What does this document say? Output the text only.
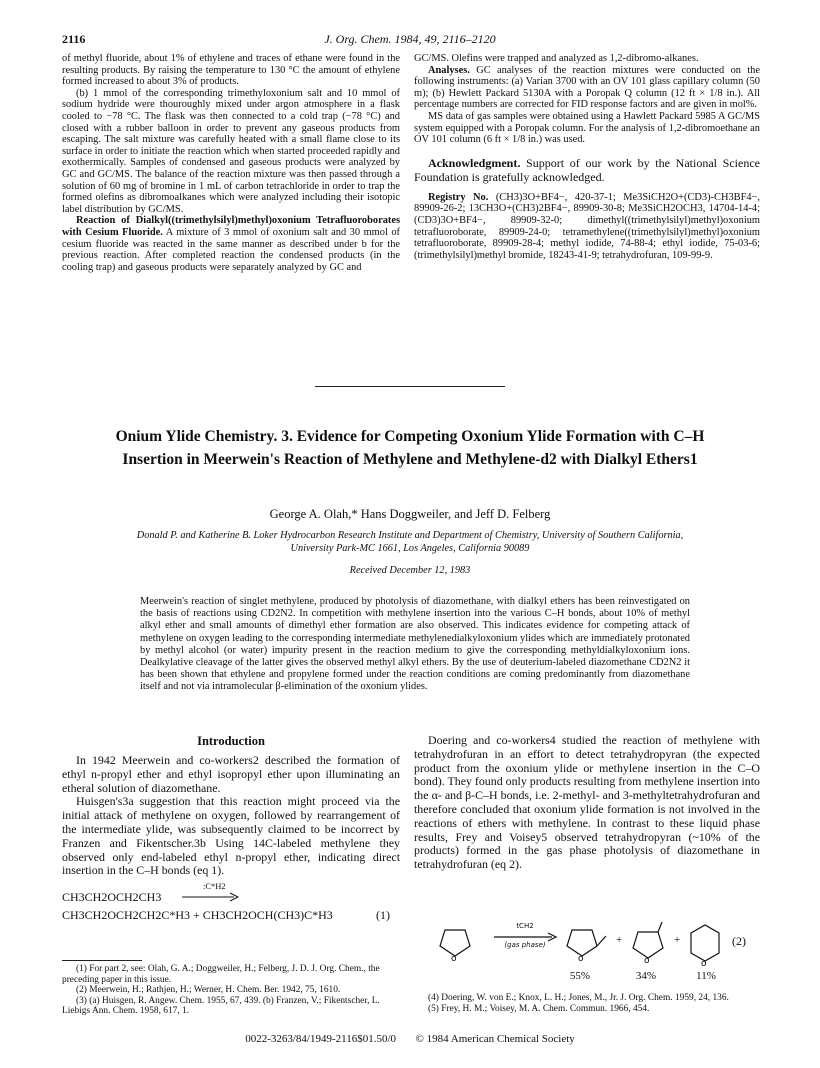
2116	J. Org. Chem. 1984, 49, 2116–2120

of methyl fluoride, about 1% of ethylene and traces of ethane were found in the resulting products. By raising the temperature to 130 °C the amount of ethylene formed increased to about 3% of products.

(b) 1 mmol of the corresponding trimethyloxonium salt and 10 mmol of sodium hydride were thouroughly mixed under argon atmosphere in a flask cooled to −78 °C. The flask was then connected to a cold trap (−78 °C) and closed with a rubber balloon in order to prevent any gaseous products from escaping. The salt mixture was carefully heated with a small flame close to its surface in order to initiate the reaction which when started proceeded rapidly and exothermically. Samples of condensed and gaseous products were analyzed by GC and GC/MS. The balance of the reaction mixture was then passed through a solution of 60 mg of bromine in 1 mL of carbon tetrachloride in order to trap the formed olefins as dibromoalkanes which were analyzed including their isotopic label distribution by GC/MS.

Reaction of Dialkyl((trimethylsilyl)methyl)oxonium Tetrafluoroborates with Cesium Fluoride. A mixture of 3 mmol of oxonium salt and 30 mmol of cesium fluoride was reacted in the same manner as described under b for the previous reaction. After completed reaction the condensed products (in the cooling trap) and gaseous products were separately analyzed by GC and

GC/MS. Olefins were trapped and analyzed as 1,2-dibromo-alkanes.

Analyses. GC analyses of the reaction mixtures were conducted on the following instruments: (a) Varian 3700 with an OV 101 glass capillary column (50 m); (b) Hewlett Packard 5130A with a Poropak Q column (12 ft × 1/8 in.). All percentage numbers are corrected for FID response factors and are given in mol%.

MS data of gas samples were obtained using a Hawlett Packard 5985 A GC/MS system equipped with a Poropak column. For the analysis of 1,2-dibromoethane an OV 101 column (6 ft × 1/8 in.) was used.

Acknowledgment. Support of our work by the National Science Foundation is gratefully acknowledged.

Registry No. (CH3)3O+BF4−, 420-37-1; Me3SiCH2O+(CD3)-CH3BF4−, 89909-26-2; 13CH3O+(CH3)2BF4−, 89909-30-8; Me3SiCH2OCH3, 14704-14-4; (CD3)3O+BF4−, 89909-32-0; dimethyl((trimethylsilyl)methyl)oxonium tetrafluoroborate, 89909-24-0; tetramethylene((trimethylsilyl)methyl)oxonium tetrafluoroborate, 89909-28-4; methyl iodide, 74-88-4; ethyl iodide, 75-03-6; (trimethylsilyl)methyl bromide, 18243-41-9; tetrahydrofuran, 109-99-9.

Onium Ylide Chemistry. 3. Evidence for Competing Oxonium Ylide Formation with C–H Insertion in Meerwein's Reaction of Methylene and Methylene-d2 with Dialkyl Ethers1
George A. Olah,* Hans Doggweiler, and Jeff D. Felberg
Donald P. and Katherine B. Loker Hydrocarbon Research Institute and Department of Chemistry, University of Southern California, University Park-MC 1661, Los Angeles, California 90089
Received December 12, 1983
Meerwein's reaction of singlet methylene, produced by photolysis of diazomethane, with dialkyl ethers has been reinvestigated on the basis of reactions using CD2N2. In competition with methylene insertion into the various C–H bonds, about 10% of methyl alkyl ether and small amounts of dimethyl ether formation are also observed. This indicates evidence for competing attack of methylene on oxygen leading to the corresponding intermediate methylenedialkyloxonium ylides which are immediately protonated by methyl alcohol (or water) impurity present in the reaction medium to give the corresponding methyldialkyloxonium ions. Dealkylative cleavage of the latter gives the observed methyl alkyl ethers. By the use of deuterium-labeled diazomethane CD2N2 it has been shown that ethylene and propylene formed under the reaction conditions are coming predominantly from diazomethane itself and not via intramolecular β-elimination of the oxonium ylides.
Introduction

In 1942 Meerwein and co-workers2 described the formation of ethyl n-propyl ether and ethyl isopropyl ether upon illuminating an etheral solution of diazomethane.

Huisgen's3a suggestion that this reaction might proceed via the initial attack of methylene on oxygen, followed by rearrangement of the intermediate ylide, was subsequently claimed to be incorrect by Franzen and Fikentscher.3b Using 14C-labeled methylene they observed only end-labeled ethyl n-propyl ether, indicating direct insertion in the C–H bonds (eq 1).

:C*H2
CH3CH2OCH2CH3 →
CH3CH2OCH2CH2C*H3 + CH3CH2OCH(CH3)C*H3	(1)

Doering and co-workers4 studied the reaction of methylene with tetrahydrofuran in an effort to detect tetrahydropyran (the expected product from the oxonium ylide or methylene insertion in the C–O bond). They found only products resulting from methylene insertion into the α- and β-C–H bonds, i.e. 2-methyl- and 3-methyltetrahydrofuran and therefore concluded that oxonium ylide formation is not involved in the reactions of ethers with methylene. In contrast to these liquid phase results, Frey and Voisey5 observed tetrahydropyran (~10% of the products) formed in the gas phase photolysis of diazomethane in tetrahydrofuran (eq 2).

o
tCH2
(gas phase)
o
+
o
+
o
(2)
55%	34%	11%

(1) For part 2, see: Olah, G. A.; Doggweiler, H.; Felberg, J. D. J. Org. Chem., the preceding paper in this issue.

(2) Meerwein, H.; Rathjen, H.; Werner, H. Chem. Ber. 1942, 75, 1610.

(3) (a) Huisgen, R. Angew. Chem. 1955, 67, 439. (b) Franzen, V.; Fikentscher, L. Liebigs Ann. Chem. 1958, 617, 1.

(4) Doering, W. von E.; Knox, L. H.; Jones, M., Jr. J. Org. Chem. 1959, 24, 136.

(5) Frey, H. M.; Voisey, M. A. Chem. Commun. 1966, 454.

0022-3263/84/1949-2116$01.50/0 © 1984 American Chemical Society
